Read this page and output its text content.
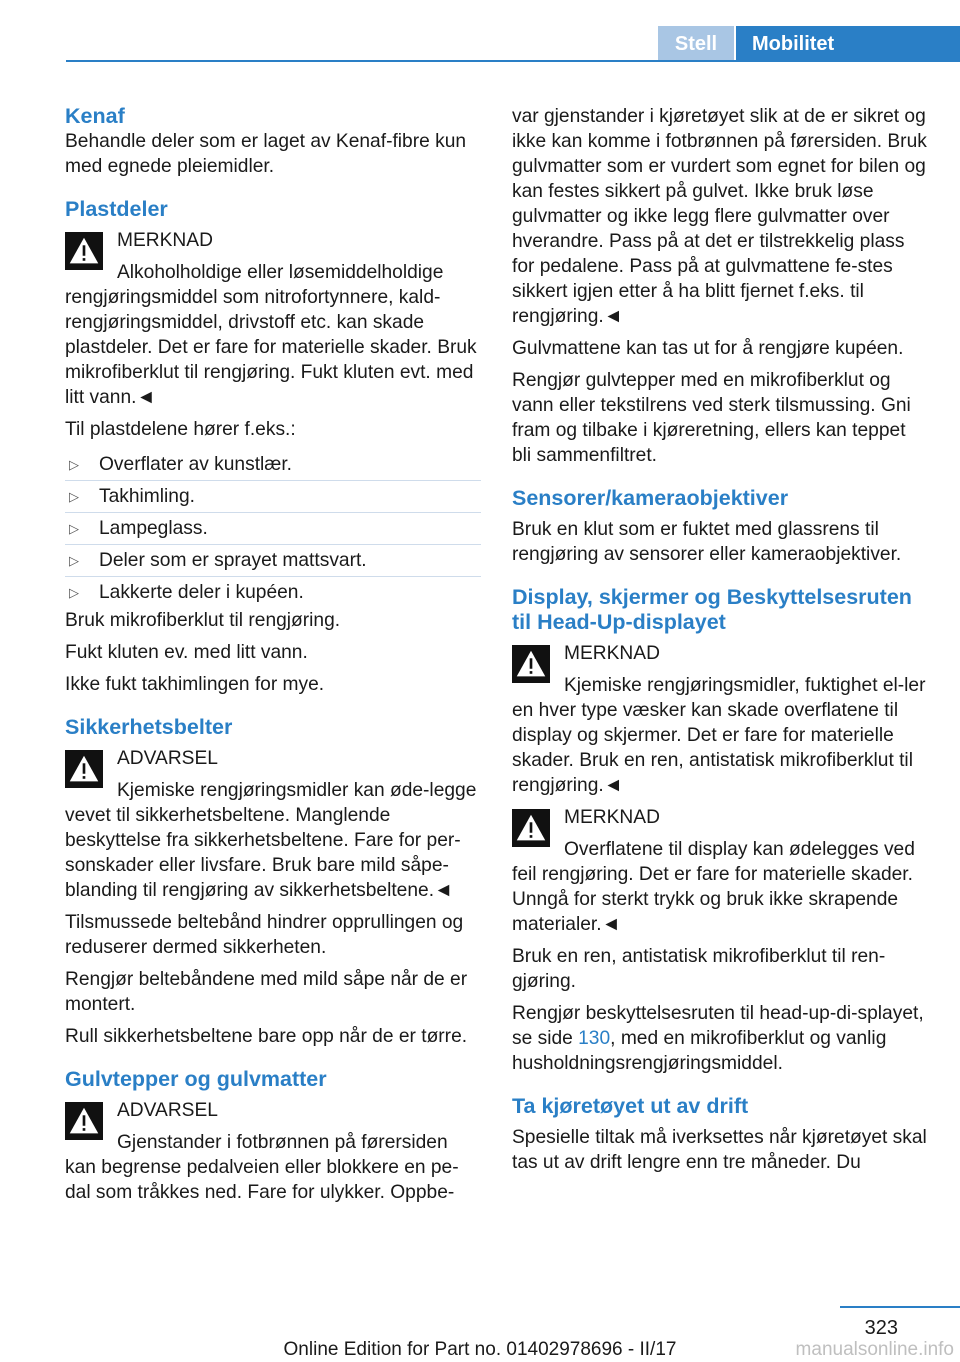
Stell	Mobilitet
Kenaf

Behandle deler som er laget av Kenaf-fibre kun med egnede pleiemidler.

Plastdeler
MERKNAD
Alkoholholdige eller løsemiddelholdige rengjøringsmiddel som nitrofortynnere, kald-rengjøringsmiddel, drivstoff etc. kan skade plastdeler. Det er fare for materielle skader. Bruk mikrofiberklut til rengjøring. Fukt kluten evt. med litt vann.◄

Til plastdelene hører f.eks.:

▷ Overflater av kunstlær.
▷ Takhimling.
▷ Lampeglass.
▷ Deler som er sprayet mattsvart.
▷ Lakkerte deler i kupéen.

Bruk mikrofiberklut til rengjøring.

Fukt kluten ev. med litt vann.

Ikke fukt takhimlingen for mye.

Sikkerhetsbelter
ADVARSEL
Kjemiske rengjøringsmidler kan øde-legge vevet til sikkerhetsbeltene. Manglende beskyttelse fra sikkerhetsbeltene. Fare for per-sonskader eller livsfare. Bruk bare mild såpe-blanding til rengjøring av sikkerhetsbeltene.◄

Tilsmussede beltebånd hindrer opprullingen og reduserer dermed sikkerheten.

Rengjør beltebåndene med mild såpe når de er montert.

Rull sikkerhetsbeltene bare opp når de er tørre.

Gulvtepper og gulvmatter
ADVARSEL
Gjenstander i fotbrønnen på førersiden kan begrense pedalveien eller blokkere en pe-dal som tråkkes ned. Fare for ulykker. Oppbe-

var gjenstander i kjøretøyet slik at de er sikret og ikke kan komme i fotbrønnen på førersiden. Bruk gulvmatter som er vurdert som egnet for bilen og kan festes sikkert på gulvet. Ikke bruk løse gulvmatter og ikke legg flere gulvmatter over hverandre. Pass på at det er tilstrekkelig plass for pedalene. Pass på at gulvmattene fe-stes sikkert igjen etter å ha blitt fjernet f.eks. til rengjøring.◄

Gulvmattene kan tas ut for å rengjøre kupéen.

Rengjør gulvtepper med en mikrofiberklut og vann eller tekstilrens ved sterk tilsmussing. Gni fram og tilbake i kjøreretning, ellers kan teppet bli sammenfiltret.

Sensorer/kameraobjektiver

Bruk en klut som er fuktet med glassrens til rengjøring av sensorer eller kameraobjektiver.

Display, skjermer og Beskyttelsesruten til Head-Up-displayet
MERKNAD
Kjemiske rengjøringsmidler, fuktighet el-ler en hver type væsker kan skade overflatene til display og skjermer. Det er fare for materielle skader. Bruk en ren, antistatisk mikrofiberklut til rengjøring.◄
MERKNAD
Overflatene til display kan ødelegges ved feil rengjøring. Det er fare for materielle skader. Unngå for sterkt trykk og bruk ikke skrapende materialer.◄

Bruk en ren, antistatisk mikrofiberklut til ren-gjøring.

Rengjør beskyttelsesruten til head-up-di-splayet, se side 130, med en mikrofiberklut og vanlig husholdningsrengjøringsmiddel.

Ta kjøretøyet ut av drift

Spesielle tiltak må iverksettes når kjøretøyet skal tas ut av drift lengre enn tre måneder. Du

323
Online Edition for Part no. 01402978696 - II/17	manualsonline.info
